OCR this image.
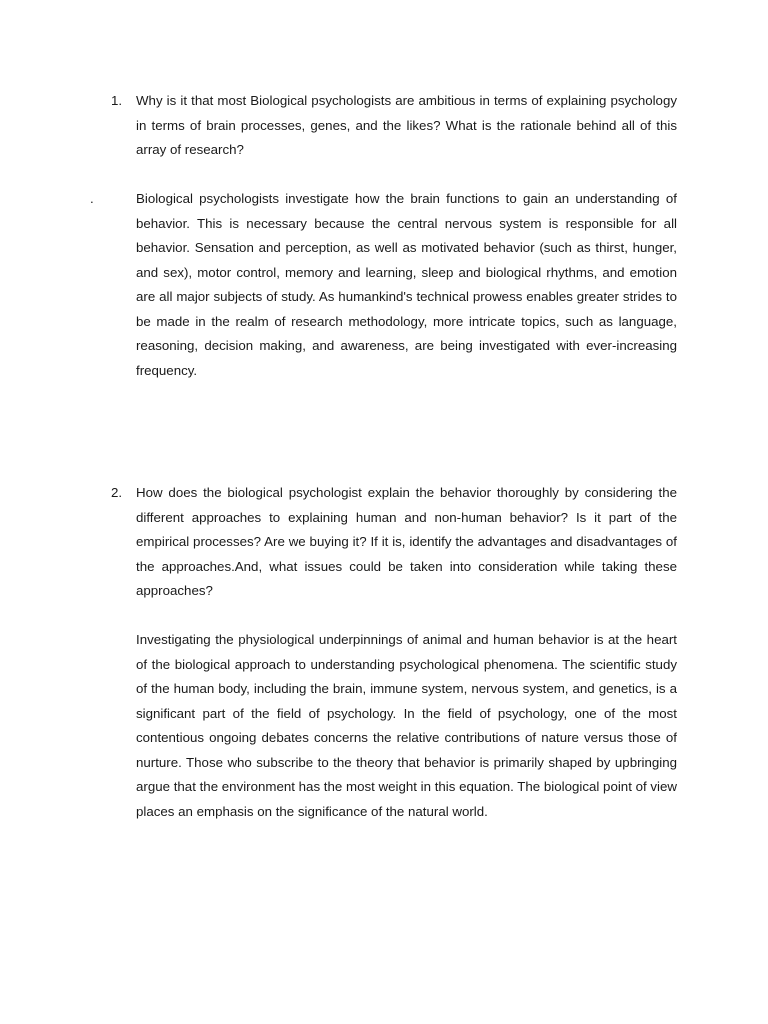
1. Why is it that most Biological psychologists are ambitious in terms of explaining psychology in terms of brain processes, genes, and the likes? What is the rationale behind all of this array of research?
.	Biological psychologists investigate how the brain functions to gain an understanding of behavior. This is necessary because the central nervous system is responsible for all behavior. Sensation and perception, as well as motivated behavior (such as thirst, hunger, and sex), motor control, memory and learning, sleep and biological rhythms, and emotion are all major subjects of study. As humankind's technical prowess enables greater strides to be made in the realm of research methodology, more intricate topics, such as language, reasoning, decision making, and awareness, are being investigated with ever-increasing frequency.
2. How does the biological psychologist explain the behavior thoroughly by considering the different approaches to explaining human and non-human behavior? Is it part of the empirical processes? Are we buying it? If it is, identify the advantages and disadvantages of the approaches.And, what issues could be taken into consideration while taking these approaches?
Investigating the physiological underpinnings of animal and human behavior is at the heart of the biological approach to understanding psychological phenomena. The scientific study of the human body, including the brain, immune system, nervous system, and genetics, is a significant part of the field of psychology. In the field of psychology, one of the most contentious ongoing debates concerns the relative contributions of nature versus those of nurture. Those who subscribe to the theory that behavior is primarily shaped by upbringing argue that the environment has the most weight in this equation. The biological point of view places an emphasis on the significance of the natural world.
